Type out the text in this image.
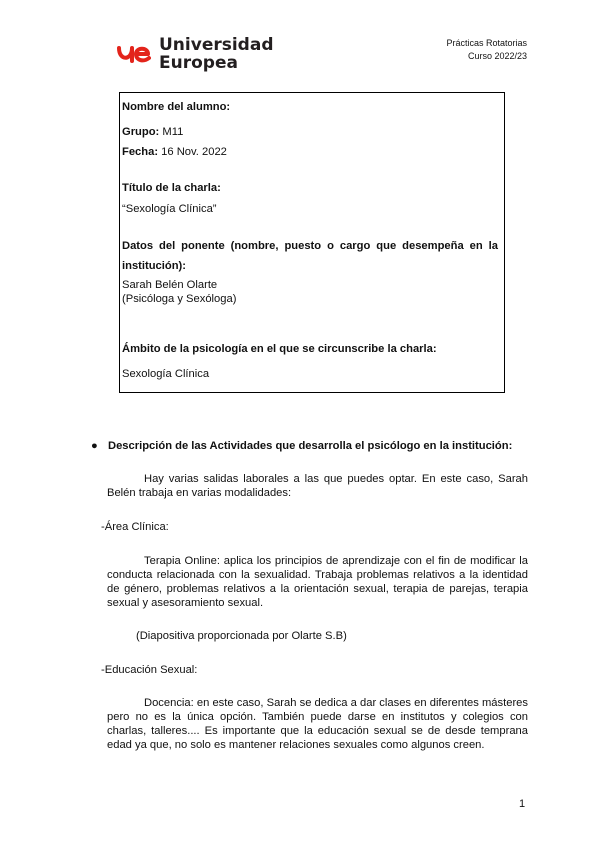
Universidad
Europea
Prácticas Rotatorias
Curso 2022/23
Nombre del alumno:
Grupo: M11
Fecha: 16 Nov. 2022
Título de la charla:
“Sexología Clínica”
Datos del ponente (nombre, puesto o cargo que desempeña en la
institución):
Sarah Belén Olarte
(Psicóloga y Sexóloga)
Ámbito de la psicología en el que se circunscribe la charla:
Sexología Clínica
● Descripción de las Actividades que desarrolla el psicólogo en la institución:
Hay varias salidas laborales a las que puedes optar. En este caso, Sarah Belén trabaja en varias modalidades:
-Área Clínica:
Terapia Online: aplica los principios de aprendizaje con el fin de modificar la conducta relacionada con la sexualidad. Trabaja problemas relativos a la identidad de género, problemas relativos a la orientación sexual, terapia de parejas, terapia sexual y asesoramiento sexual.
(Diapositiva proporcionada por Olarte S.B)
-Educación Sexual:
Docencia: en este caso, Sarah se dedica a dar clases en diferentes másteres pero no es la única opción. También puede darse en institutos y colegios con charlas, talleres.... Es importante que la educación sexual se de desde temprana edad ya que, no solo es mantener relaciones sexuales como algunos creen.
1
